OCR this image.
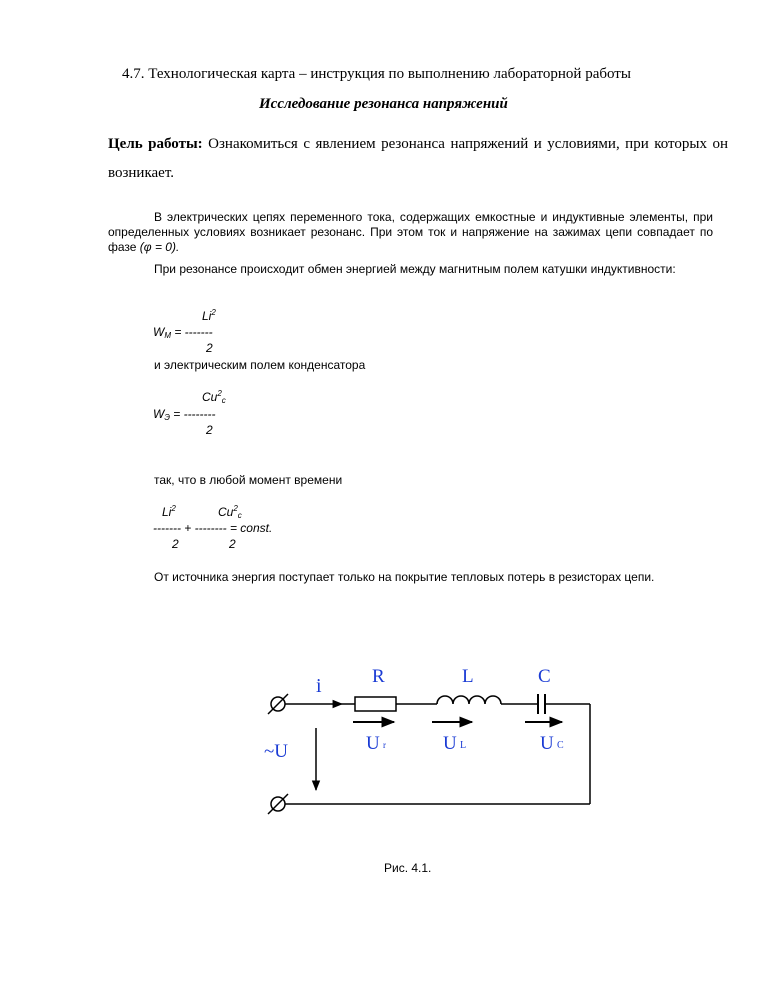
4.7. Технологическая карта – инструкция по выполнению лабораторной работы
Исследование резонанса напряжений
Цель работы: Ознакомиться с явлением резонанса напряжений и условиями, при которых он возникает.
В электрических цепях переменного тока, содержащих емкостные и индуктивные элементы, при определенных условиях возникает резонанс. При этом ток и напряжение на зажимах цепи совпадает по фазе (φ = 0).
При резонансе происходит обмен энергией между магнитным полем катушки индуктивности:
Li$^2$
$W_M$ = -------
2
и электрическим полем конденсатора
$Cu^2_c$
$W_Э$ = --------
2
так, что в любой момент времени
Li$^2$	$Cu^2_c$
------- + -------- = const.
2	2
От источника энергия поступает только на покрытие тепловых потерь в резисторах цепи.
i	R	L	C
~U	U r	U L	U C
Рис. 4.1.
